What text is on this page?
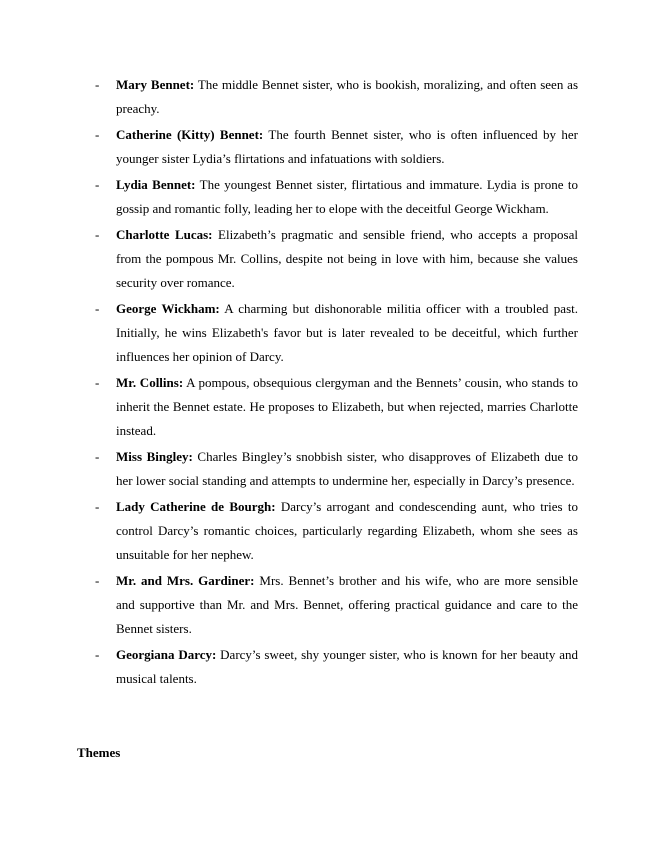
-	Mary Bennet: The middle Bennet sister, who is bookish, moralizing, and often seen as preachy.
-	Catherine (Kitty) Bennet: The fourth Bennet sister, who is often influenced by her younger sister Lydia’s flirtations and infatuations with soldiers.
-	Lydia Bennet: The youngest Bennet sister, flirtatious and immature. Lydia is prone to gossip and romantic folly, leading her to elope with the deceitful George Wickham.
-	Charlotte Lucas: Elizabeth’s pragmatic and sensible friend, who accepts a proposal from the pompous Mr. Collins, despite not being in love with him, because she values security over romance.
-	George Wickham: A charming but dishonorable militia officer with a troubled past. Initially, he wins Elizabeth's favor but is later revealed to be deceitful, which further influences her opinion of Darcy.
-	Mr. Collins: A pompous, obsequious clergyman and the Bennets’ cousin, who stands to inherit the Bennet estate. He proposes to Elizabeth, but when rejected, marries Charlotte instead.
-	Miss Bingley: Charles Bingley’s snobbish sister, who disapproves of Elizabeth due to her lower social standing and attempts to undermine her, especially in Darcy’s presence.
-	Lady Catherine de Bourgh: Darcy’s arrogant and condescending aunt, who tries to control Darcy’s romantic choices, particularly regarding Elizabeth, whom she sees as unsuitable for her nephew.
-	Mr. and Mrs. Gardiner: Mrs. Bennet’s brother and his wife, who are more sensible and supportive than Mr. and Mrs. Bennet, offering practical guidance and care to the Bennet sisters.
-	Georgiana Darcy: Darcy’s sweet, shy younger sister, who is known for her beauty and musical talents.
Themes
